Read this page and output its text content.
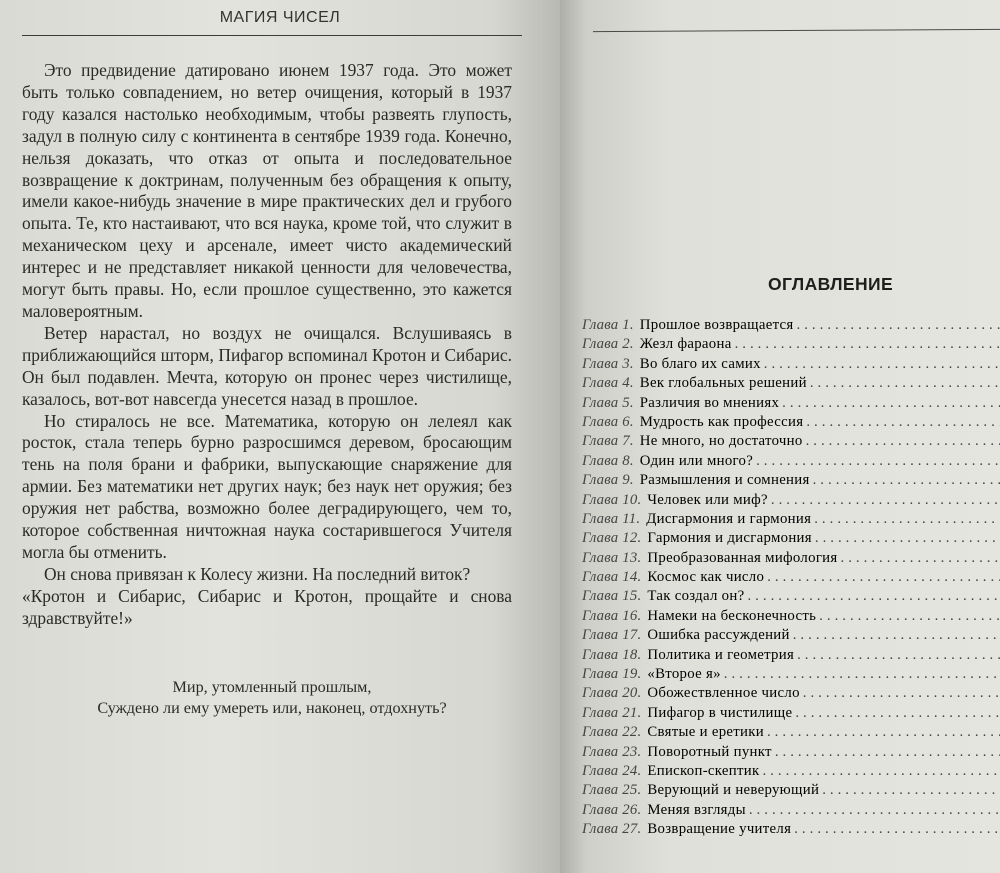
МАГИЯ ЧИСЕЛ

Это предвидение датировано июнем 1937 года. Это может быть только совпадением, но ветер очищения, который в 1937 году казался настолько необходимым, чтобы развеять глупость, задул в полную силу с континента в сентябре 1939 года. Конечно, нельзя доказать, что отказ от опыта и последовательное возвращение к доктринам, полученным без обращения к опыту, имели какое-нибудь значение в мире практических дел и грубого опыта. Те, кто настаивают, что вся наука, кроме той, что служит в механическом цеху и арсенале, имеет чисто академический интерес и не представляет никакой ценности для человечества, могут быть правы. Но, если прошлое существенно, это кажется маловероятным.

Ветер нарастал, но воздух не очищался. Вслушиваясь в приближающийся шторм, Пифагор вспоминал Кротон и Сибарис. Он был подавлен. Мечта, которую он пронес через чистилище, казалось, вот-вот навсегда унесется назад в прошлое.

Но стиралось не все. Математика, которую он лелеял как росток, стала теперь бурно разросшимся деревом, бросающим тень на поля брани и фабрики, выпускающие снаряжение для армии. Без математики нет других наук; без наук нет оружия; без оружия нет рабства, возможно более деградирующего, чем то, которое собственная ничтожная наука состарившегося Учителя могла бы отменить.

Он снова привязан к Колесу жизни. На последний виток?

«Кротон и Сибарис, Сибарис и Кротон, прощайте и снова здравствуйте!»

Мир, утомленный прошлым,
Суждено ли ему умереть или, наконец, отдохнуть?
ОГЛАВЛЕНИЕ
Глава 1. Прошлое возвращается
.....
Глава 2. Жезл фараона
.....
Глава 3. Во благо их самих
.....
Глава 4. Век глобальных решений
.....
Глава 5. Различия во мнениях
.....
Глава 6. Мудрость как профессия
.....
Глава 7. Не много, но достаточно
.....
Глава 8. Один или много?
.....
Глава 9. Размышления и сомнения
.....
Глава 10. Человек или миф?
.....
Глава 11. Дисгармония и гармония
.....
Глава 12. Гармония и дисгармония
.....
Глава 13. Преобразованная мифология
.....
Глава 14. Космос как число
.....
Глава 15. Так создал он?
.....
Глава 16. Намеки на бесконечность
.....
Глава 17. Ошибка рассуждений
.....
Глава 18. Политика и геометрия
.....
Глава 19. «Второе я»
.....
Глава 20. Обожествленное число
.....
Глава 21. Пифагор в чистилище
.....
Глава 22. Святые и еретики
.....
Глава 23. Поворотный пункт
.....
Глава 24. Епископ-скептик
.....
Глава 25. Верующий и неверующий
.....
Глава 26. Меняя взгляды
.....
Глава 27. Возвращение учителя
.....
